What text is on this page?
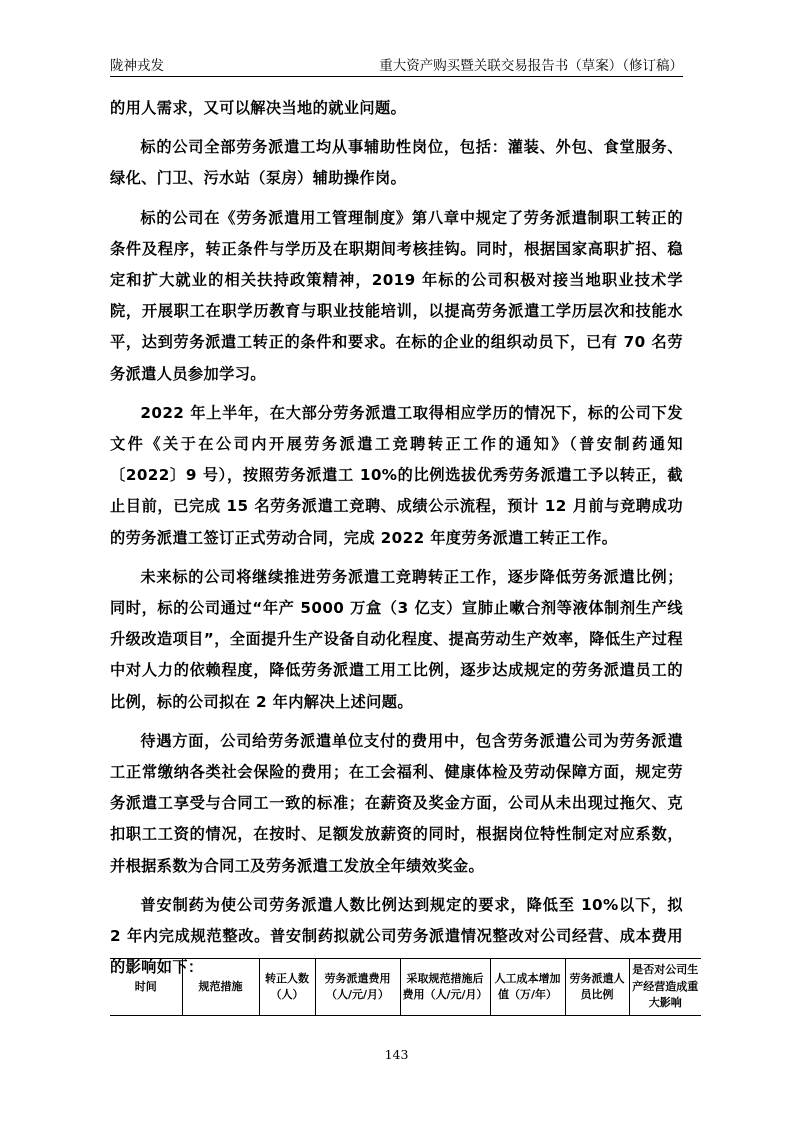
陇神戎发	重大资产购买暨关联交易报告书（草案）（修订稿）

的用人需求，又可以解决当地的就业问题。

标的公司全部劳务派遣工均从事辅助性岗位，包括：灌装、外包、食堂服务、绿化、门卫、污水站（泵房）辅助操作岗。

标的公司在《劳务派遣用工管理制度》第八章中规定了劳务派遣制职工转正的条件及程序，转正条件与学历及在职期间考核挂钩。同时，根据国家高职扩招、稳定和扩大就业的相关扶持政策精神，2019 年标的公司积极对接当地职业技术学院，开展职工在职学历教育与职业技能培训，以提高劳务派遣工学历层次和技能水平，达到劳务派遣工转正的条件和要求。在标的企业的组织动员下，已有 70 名劳务派遣人员参加学习。

2022 年上半年，在大部分劳务派遣工取得相应学历的情况下，标的公司下发文件《关于在公司内开展劳务派遣工竞聘转正工作的通知》（普安制药通知〔2022〕9 号），按照劳务派遣工 10%的比例选拔优秀劳务派遣工予以转正，截止目前，已完成 15 名劳务派遣工竞聘、成绩公示流程，预计 12 月前与竞聘成功的劳务派遣工签订正式劳动合同，完成 2022 年度劳务派遣工转正工作。

未来标的公司将继续推进劳务派遣工竞聘转正工作，逐步降低劳务派遣比例；同时，标的公司通过“年产 5000 万盒（3 亿支）宣肺止嗽合剂等液体制剂生产线升级改造项目”，全面提升生产设备自动化程度、提高劳动生产效率，降低生产过程中对人力的依赖程度，降低劳务派遣工用工比例，逐步达成规定的劳务派遣员工的比例，标的公司拟在 2 年内解决上述问题。

待遇方面，公司给劳务派遣单位支付的费用中，包含劳务派遣公司为劳务派遣工正常缴纳各类社会保险的费用；在工会福利、健康体检及劳动保障方面，规定劳务派遣工享受与合同工一致的标准；在薪资及奖金方面，公司从未出现过拖欠、克扣职工工资的情况，在按时、足额发放薪资的同时，根据岗位特性制定对应系数，并根据系数为合同工及劳务派遣工发放全年绩效奖金。

普安制药为使公司劳务派遣人数比例达到规定的要求，降低至 10%以下，拟 2 年内完成规范整改。普安制药拟就公司劳务派遣情况整改对公司经营、成本费用的影响如下：

时间	规范措施	转正人数（人）	劳务派遣费用（人/元/月）	采取规范措施后费用（人/元/月）	人工成本增加值（万/年）	劳务派遣人员比例	是否对公司生产经营造成重大影响
143
